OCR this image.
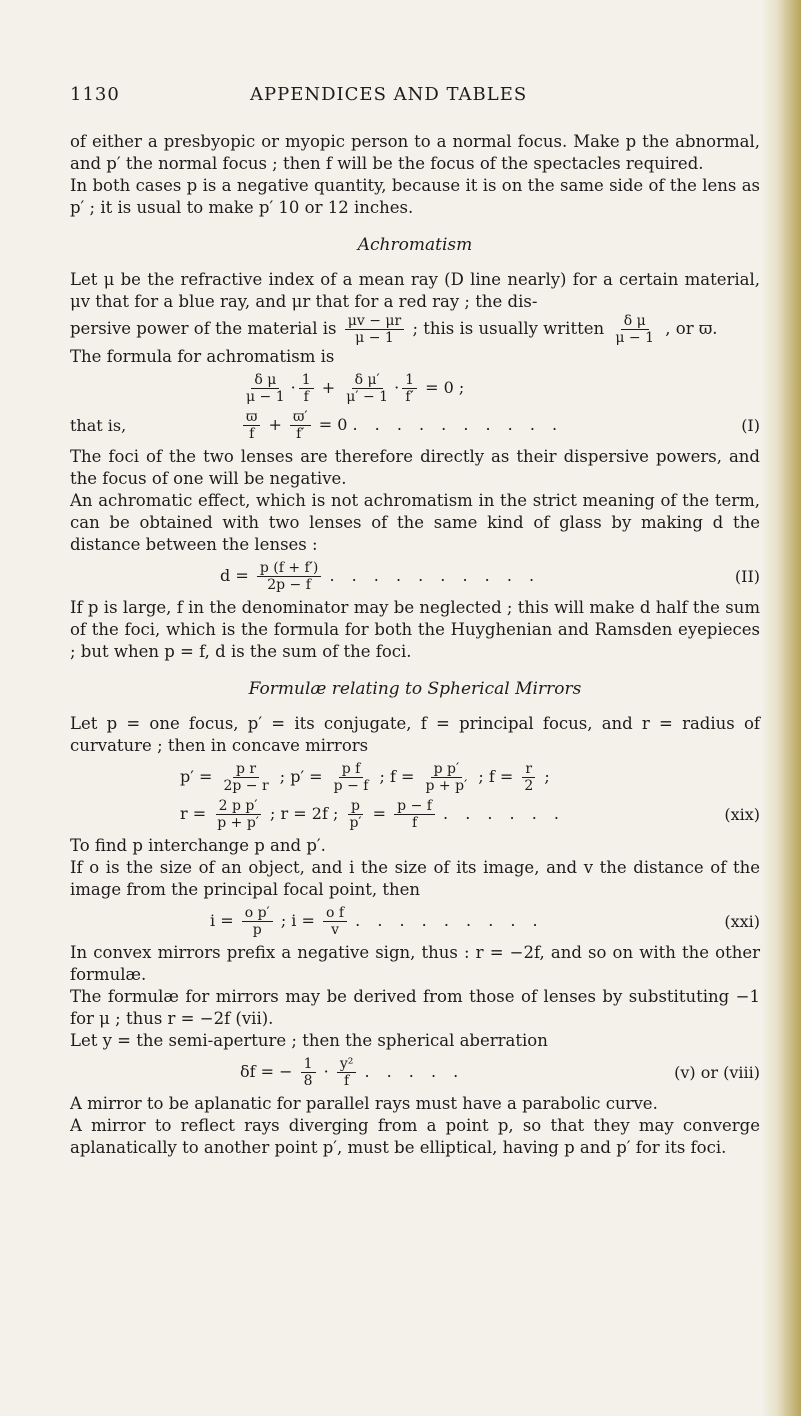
1130	APPENDICES AND TABLES

of either a presbyopic or myopic person to a normal focus. Make p the abnormal, and p′ the normal focus ; then f will be the focus of the spectacles required.

In both cases p is a negative quantity, because it is on the same side of the lens as p′ ; it is usual to make p′ 10 or 12 inches.

Achromatism

Let μ be the refractive index of a mean ray (D line nearly) for a certain material, μv that for a blue ray, and μr that for a red ray ; the dis-

persive power of the material is $\frac{\mu v - \mu r}{\mu - 1}$ ; this is usually written $\frac{\text{δ μ}}{\mu - 1}$ , or ϖ.

The formula for achromatism is

$\frac{\text{δ μ}}{\mu - 1} \cdot \frac{1}{f} + \frac{\text{δ μ′}}{\mu' - 1} \cdot \frac{1}{f'} = 0$ ;
that is,	$\frac{ϖ}{f} + \frac{ϖ'}{f'} = 0$ . . . . . . . . . .	(I)

The foci of the two lenses are therefore directly as their dispersive powers, and the focus of one will be negative.

An achromatic effect, which is not achromatism in the strict meaning of the term, can be obtained with two lenses of the same kind of glass by making d the distance between the lenses :

$d = \frac{p (f + f')}{2p - f}$ . . . . . . . . . .	(II)

If p is large, f in the denominator may be neglected ; this will make d half the sum of the foci, which is the formula for both the Huyghenian and Ramsden eyepieces ; but when p = f, d is the sum of the foci.

Formulæ relating to Spherical Mirrors

Let p = one focus, p′ = its conjugate, f = principal focus, and r = radius of curvature ; then in concave mirrors

$p' = \frac{\text{p r}}{2p - r}$ ; $p' = \frac{\text{p f}}{p - f}$ ; $f = \frac{\text{p p′}}{p + p'}$ ; $f = \frac{r}{2}$ ;
$r = \frac{\text{2 p p′}}{p + p'}$ ; r = 2f ; $\frac{p}{p'} = \frac{p - f}{f}$ . . . . . .	(xix)

To find p interchange p and p′.

If o is the size of an object, and i the size of its image, and v the distance of the image from the principal focal point, then

$i = \frac{\text{o p′}}{p}$ ; $i = \frac{\text{o f}}{v}$ . . . . . . . . .	(xxi)

In convex mirrors prefix a negative sign, thus : r = −2f, and so on with the other formulæ.

The formulæ for mirrors may be derived from those of lenses by substituting −1 for μ ; thus r = −2f (vii).

Let y = the semi-aperture ; then the spherical aberration

δf = − $\frac{1}{8} \cdot \frac{\text{y²}}{f}$ . . . . .	(v) or (viii)

A mirror to be aplanatic for parallel rays must have a parabolic curve.

A mirror to reflect rays diverging from a point p, so that they may converge aplanatically to another point p′, must be elliptical, having p and p′ for its foci.
